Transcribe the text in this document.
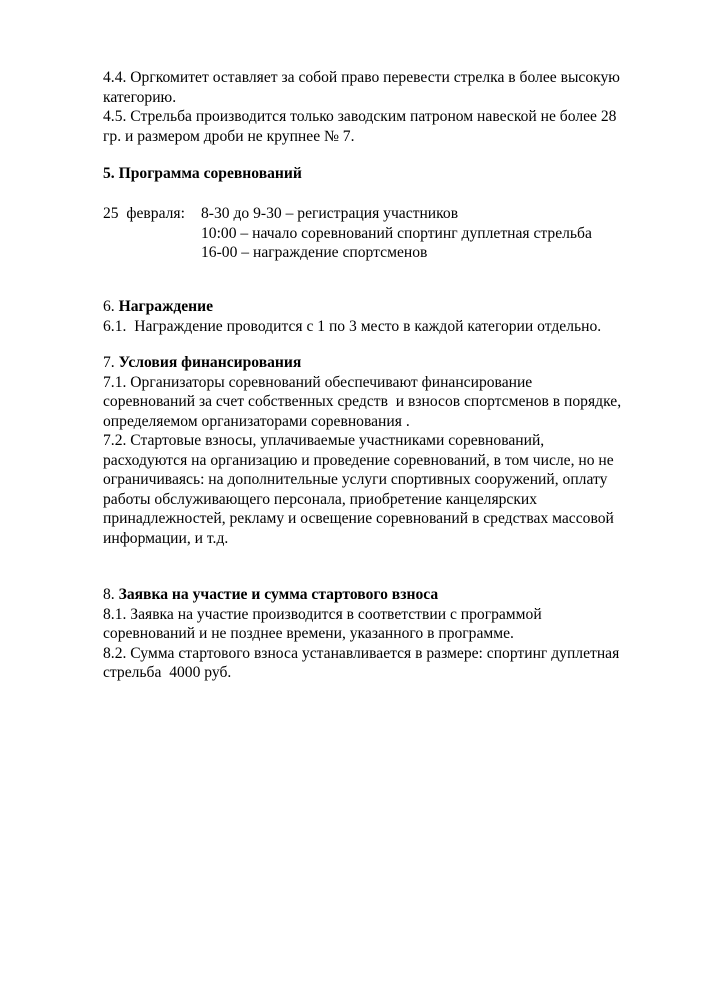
4.4. Оргкомитет оставляет за собой право перевести стрелка в более высокую
категорию.
4.5. Стрельба производится только заводским патроном навеской не более 28
гр. и размером дроби не крупнее № 7.
5. Программа соревнований
25  февраля: 8-30 до 9-30 – регистрация участников
10:00 – начало соревнований спортинг дуплетная стрельба
16-00 – награждение спортсменов
6. Награждение
6.1.  Награждение проводится с 1 по 3 место в каждой категории отдельно.
7. Условия финансирования
7.1. Организаторы соревнований обеспечивают финансирование
соревнований за счет собственных средств  и взносов спортсменов в порядке,
определяемом организаторами соревнования .
7.2. Стартовые взносы, уплачиваемые участниками соревнований,
расходуются на организацию и проведение соревнований, в том числе, но не
ограничиваясь: на дополнительные услуги спортивных сооружений, оплату
работы обслуживающего персонала, приобретение канцелярских
принадлежностей, рекламу и освещение соревнований в средствах массовой
информации, и т.д.
8. Заявка на участие и сумма стартового взноса
8.1. Заявка на участие производится в соответствии с программой
соревнований и не позднее времени, указанного в программе.
8.2. Сумма стартового взноса устанавливается в размере: спортинг дуплетная
стрельба  4000 руб.
